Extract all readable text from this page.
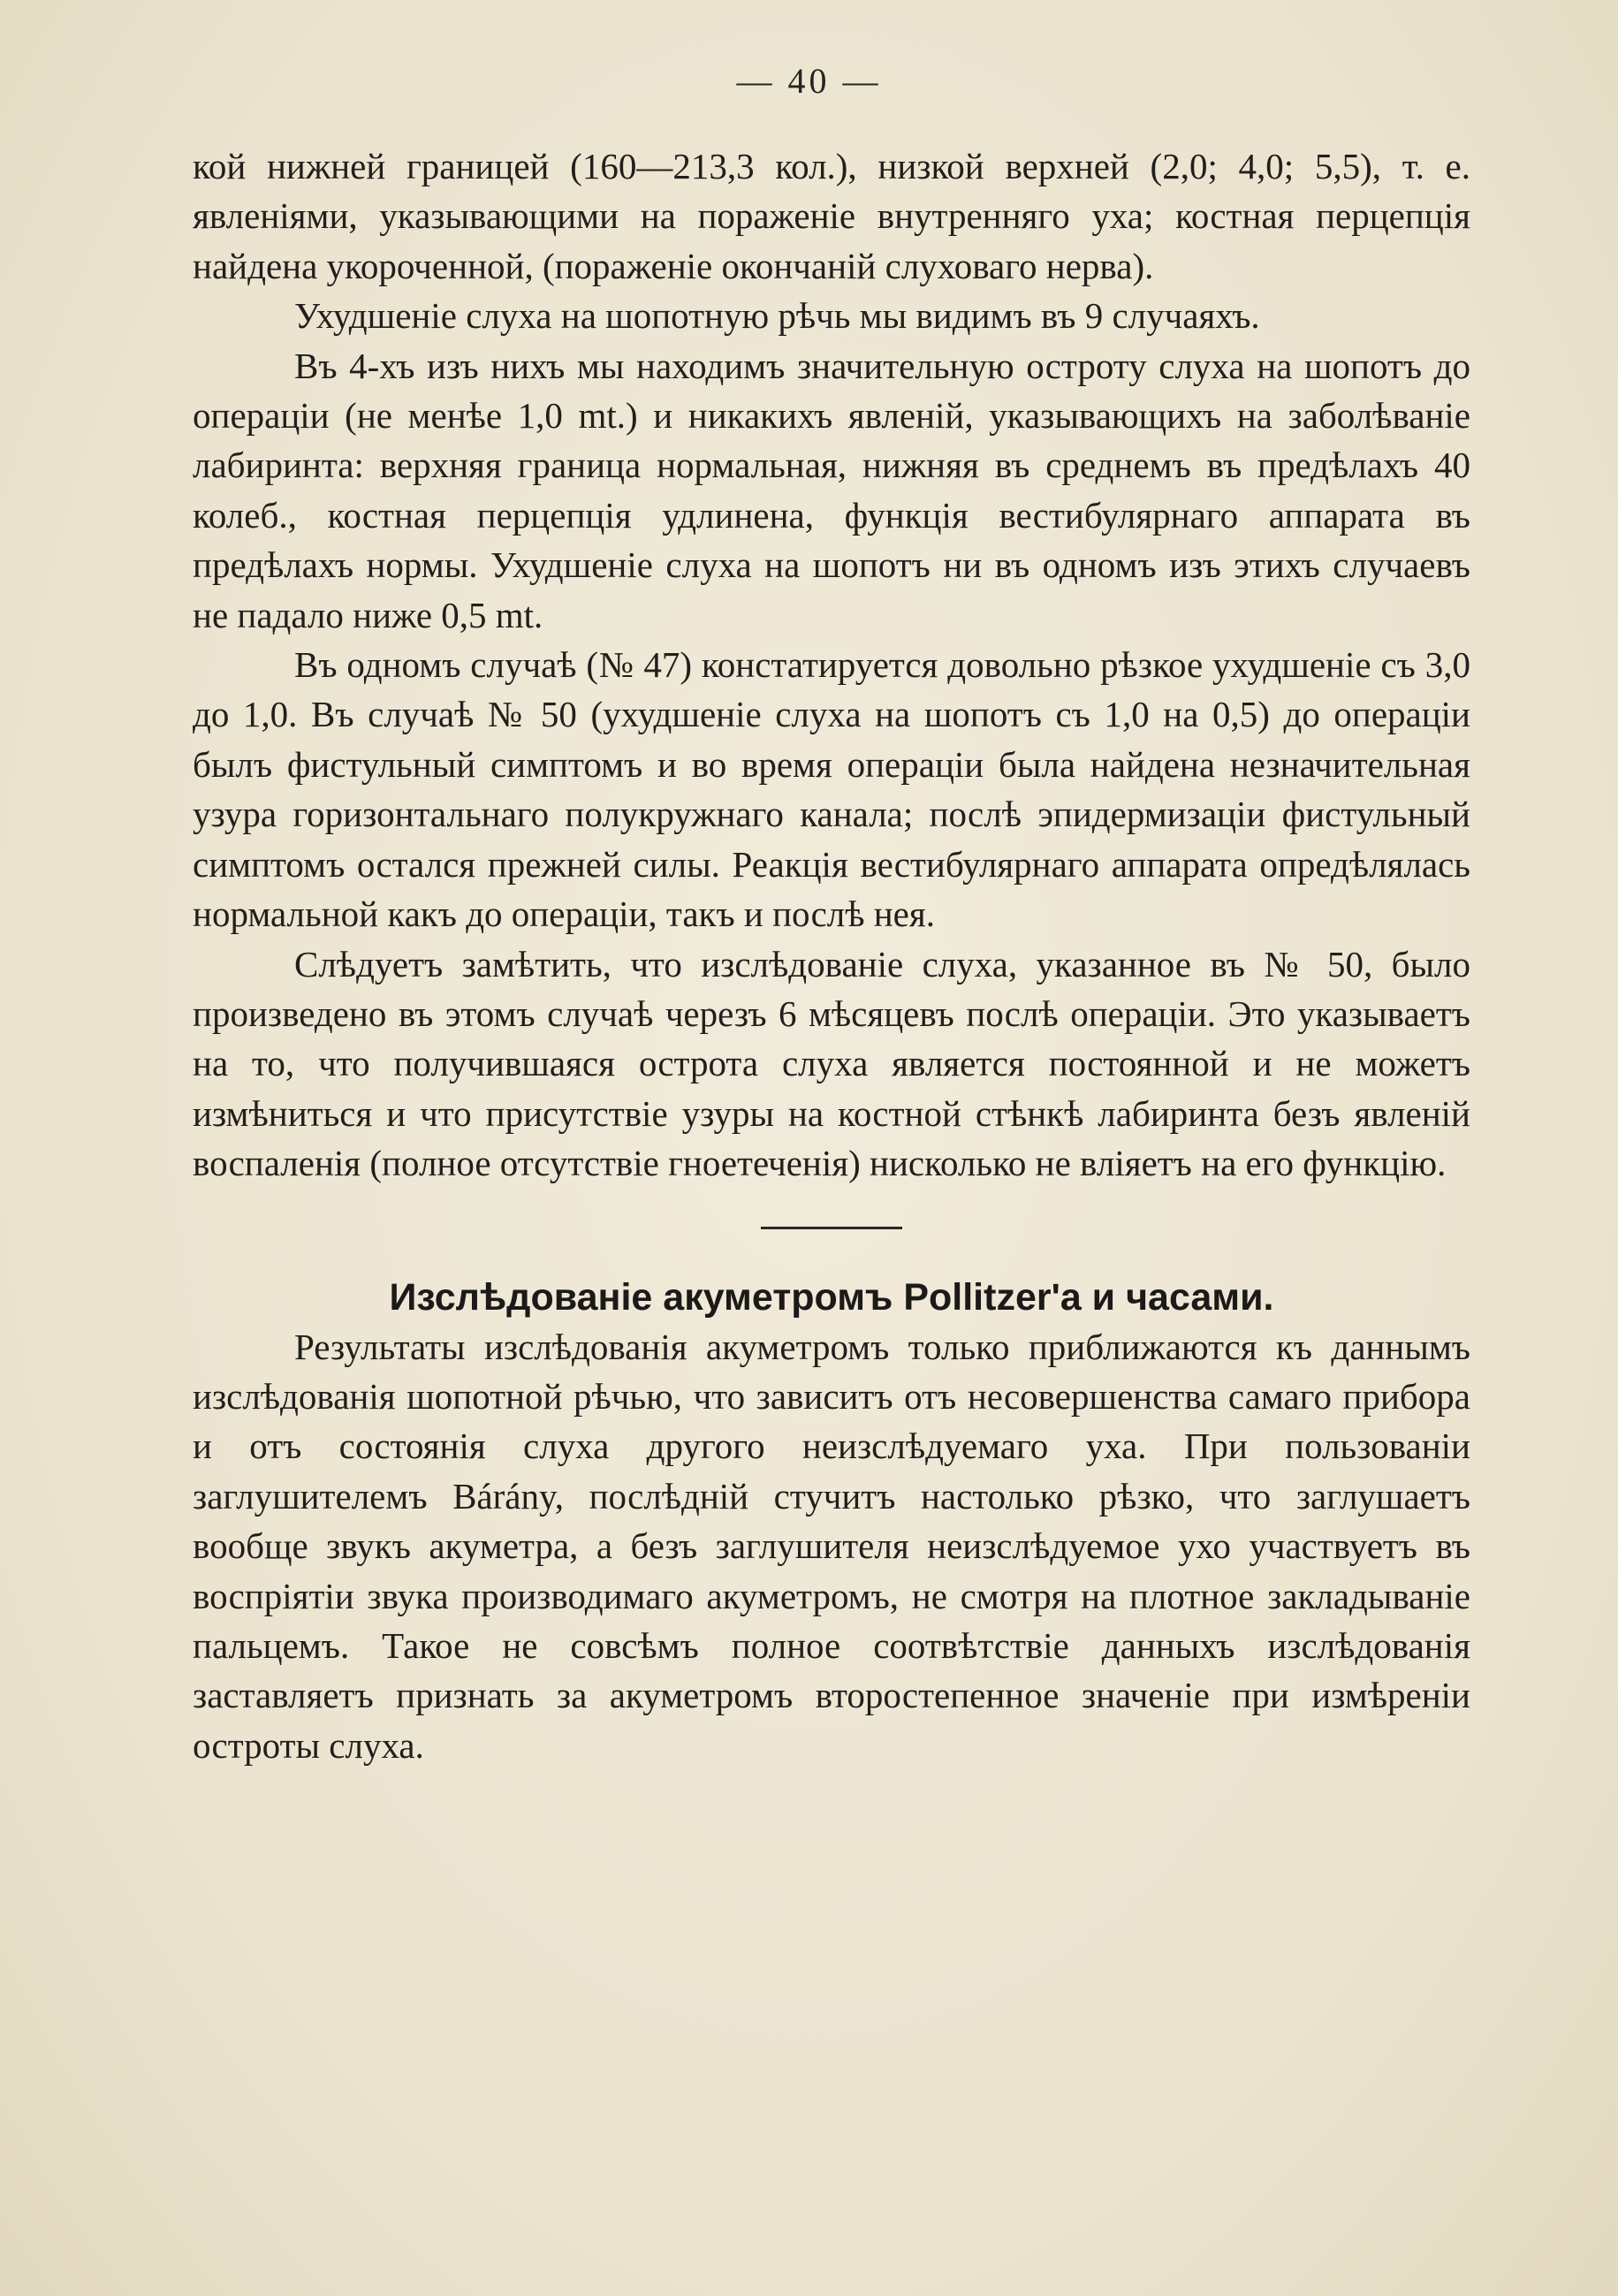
— 40 —

кой нижней границей (160—213,3 кол.), низкой верхней (2,0; 4,0; 5,5), т. е. явленіями, указывающими на пораженіе внутренняго уха; костная перцепція найдена укороченной, (пораженіе окончаній слуховаго нерва).

Ухудшеніе слуха на шопотную рѣчь мы видимъ въ 9 случаяхъ.

Въ 4-хъ изъ нихъ мы находимъ значительную остроту слуха на шопотъ до операціи (не менѣе 1,0 mt.) и никакихъ явленій, указывающихъ на заболѣваніе лабиринта: верхняя граница нормальная, нижняя въ среднемъ въ предѣлахъ 40 колеб., костная перцепція удлинена, функція вестибулярнаго аппарата въ предѣлахъ нормы. Ухудшеніе слуха на шопотъ ни въ одномъ изъ этихъ случаевъ не падало ниже 0,5 mt.

Въ одномъ случаѣ (№ 47) констатируется довольно рѣзкое ухудшеніе съ 3,0 до 1,0. Въ случаѣ № 50 (ухудшеніе слуха на шопотъ съ 1,0 на 0,5) до операціи былъ фистульный симптомъ и во время операціи была найдена незначительная узура горизонтальнаго полукружнаго канала; послѣ эпидермизаціи фистульный симптомъ остался прежней силы. Реакція вестибулярнаго аппарата опредѣлялась нормальной какъ до операціи, такъ и послѣ нея.

Слѣдуетъ замѣтить, что изслѣдованіе слуха, указанное въ № 50, было произведено въ этомъ случаѣ черезъ 6 мѣсяцевъ послѣ операціи. Это указываетъ на то, что получившаяся острота слуха является постоянной и не можетъ измѣниться и что присутствіе узуры на костной стѣнкѣ лабиринта безъ явленій воспаленія (полное отсутствіе гноетеченія) нисколько не вліяетъ на его функцію.

Изслѣдованіе акуметромъ Pollitzer'а и часами.

Результаты изслѣдованія акуметромъ только приближаются къ даннымъ изслѣдованія шопотной рѣчью, что зависитъ отъ несовершенства самаго прибора и отъ состоянія слуха другого неизслѣдуемаго уха. При пользованіи заглушителемъ Bárány, послѣдній стучитъ настолько рѣзко, что заглушаетъ вообще звукъ акуметра, а безъ заглушителя неизслѣдуемое ухо участвуетъ въ воспріятіи звука производимаго акуметромъ, не смотря на плотное закладываніе пальцемъ. Такое не совсѣмъ полное соотвѣтствіе данныхъ изслѣдованія заставляетъ признать за акуметромъ второстепенное значеніе при измѣреніи остроты слуха.
